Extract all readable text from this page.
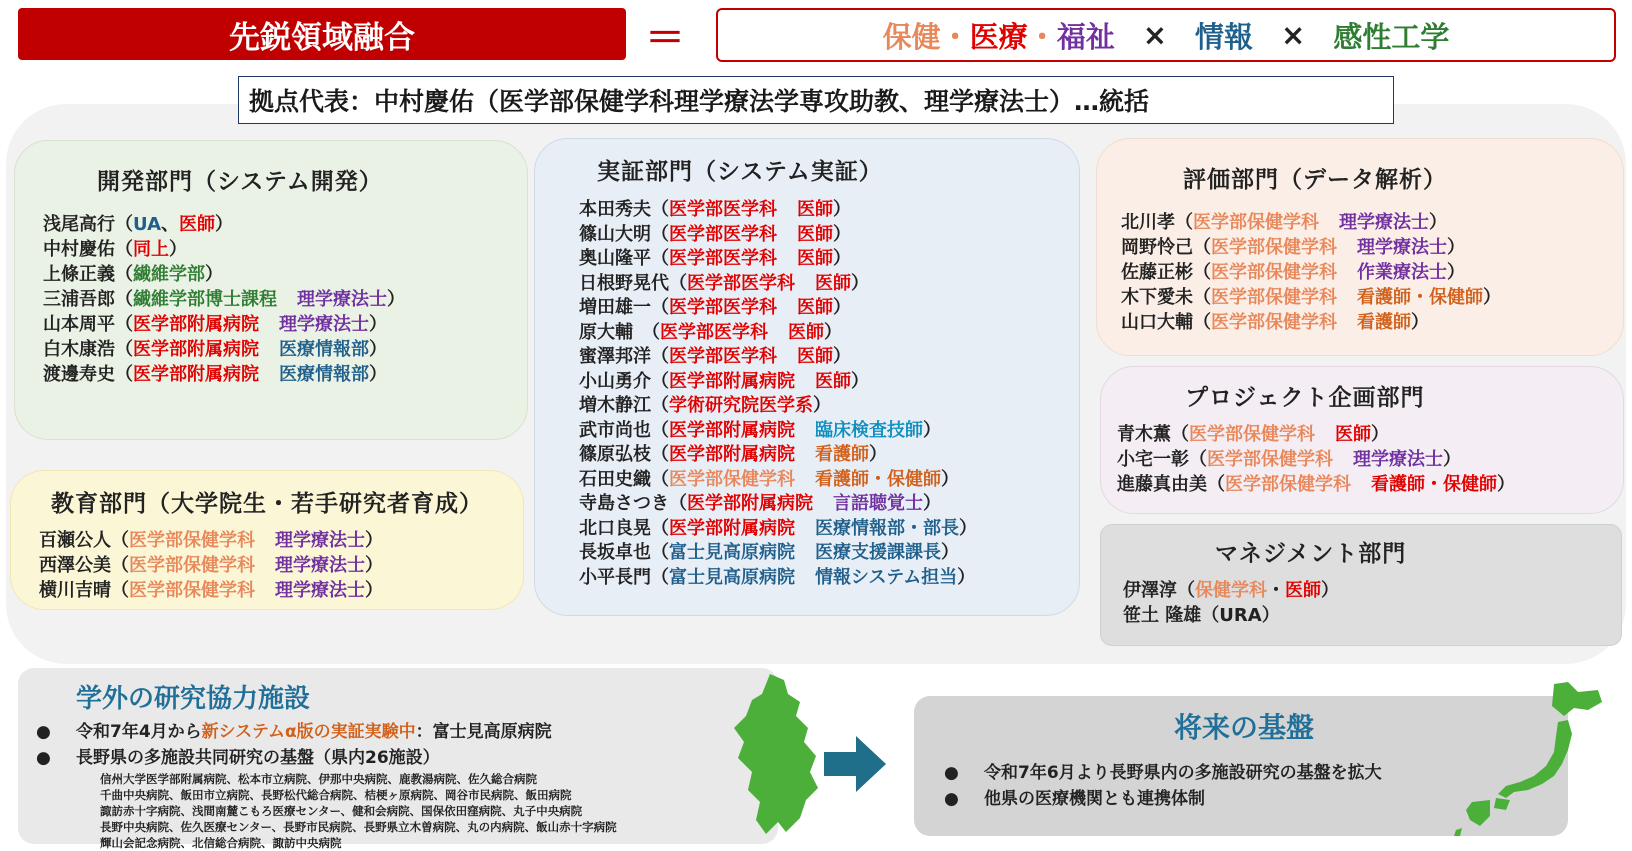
先鋭領域融合	＝	保健・ 医療 ・ 福祉 × 情報 × 感性工学
拠点代表：中村慶佑（医学部保健学科理学療法学専攻助教、理学療法士）…統括
開発部門（システム開発）
浅尾高行（UA、医師）
中村慶佑（同上）
上條正義（繊維学部）
三浦吾郎（繊維学部博士課程 理学療法士）
山本周平（医学部附属病院 理学療法士）
白木康浩（医学部附属病院 医療情報部）
渡邊寿史（医学部附属病院 医療情報部）
教育部門（大学院生・若手研究者育成）
百瀬公人（医学部保健学科 理学療法士）
西澤公美（医学部保健学科 理学療法士）
横川吉晴（医学部保健学科 理学療法士）
実証部門（システム実証）
本田秀夫（医学部医学科 医師）
篠山大明（医学部医学科 医師）
奥山隆平（医学部医学科 医師）
日根野晃代（医学部医学科 医師）
増田雄一（医学部医学科 医師）
原大輔　（医学部医学科 医師）
蜜澤邦洋（医学部医学科 医師）
小山勇介（医学部附属病院 医師）
増木静江（学術研究院医学系）
武市尚也（医学部附属病院 臨床検査技師）
篠原弘枝（医学部附属病院 看護師）
石田史織（医学部保健学科 看護師・保健師）
寺島さつき（医学部附属病院 言語聴覚士）
北口良晃（医学部附属病院 医療情報部・部長）
長坂卓也（富士見高原病院 医療支援課課長）
小平長門（富士見高原病院 情報システム担当）
評価部門（データ解析）
北川孝（医学部保健学科 理学療法士）
岡野怜己（医学部保健学科 理学療法士）
佐藤正彬（医学部保健学科 作業療法士）
木下愛未（医学部保健学科 看護師・保健師）
山口大輔（医学部保健学科 看護師）
プロジェクト企画部門
青木薫（医学部保健学科 医師）
小宅一彰（医学部保健学科 理学療法士）
進藤真由美（医学部保健学科 看護師・保健師）
マネジメント部門
伊澤淳（保健学科・医師）
笹土 隆雄（URA）
学外の研究協力施設
● 令和7年4月から新システムα版の実証実験中：富士見高原病院
● 長野県の多施設共同研究の基盤（県内26施設）
信州大学医学部附属病院、松本市立病院、伊那中央病院、鹿教湯病院、佐久総合病院
千曲中央病院、飯田市立病院、長野松代総合病院、桔梗ヶ原病院、岡谷市民病院、飯田病院
諏訪赤十字病院、浅間南麓こもろ医療センター、健和会病院、国保依田窪病院、丸子中央病院
長野中央病院、佐久医療センター、長野市民病院、長野県立木曽病院、丸の内病院、飯山赤十字病院
輝山会記念病院、北信総合病院、諏訪中央病院
将来の基盤
● 令和7年6月より長野県内の多施設研究の基盤を拡大
● 他県の医療機関とも連携体制
